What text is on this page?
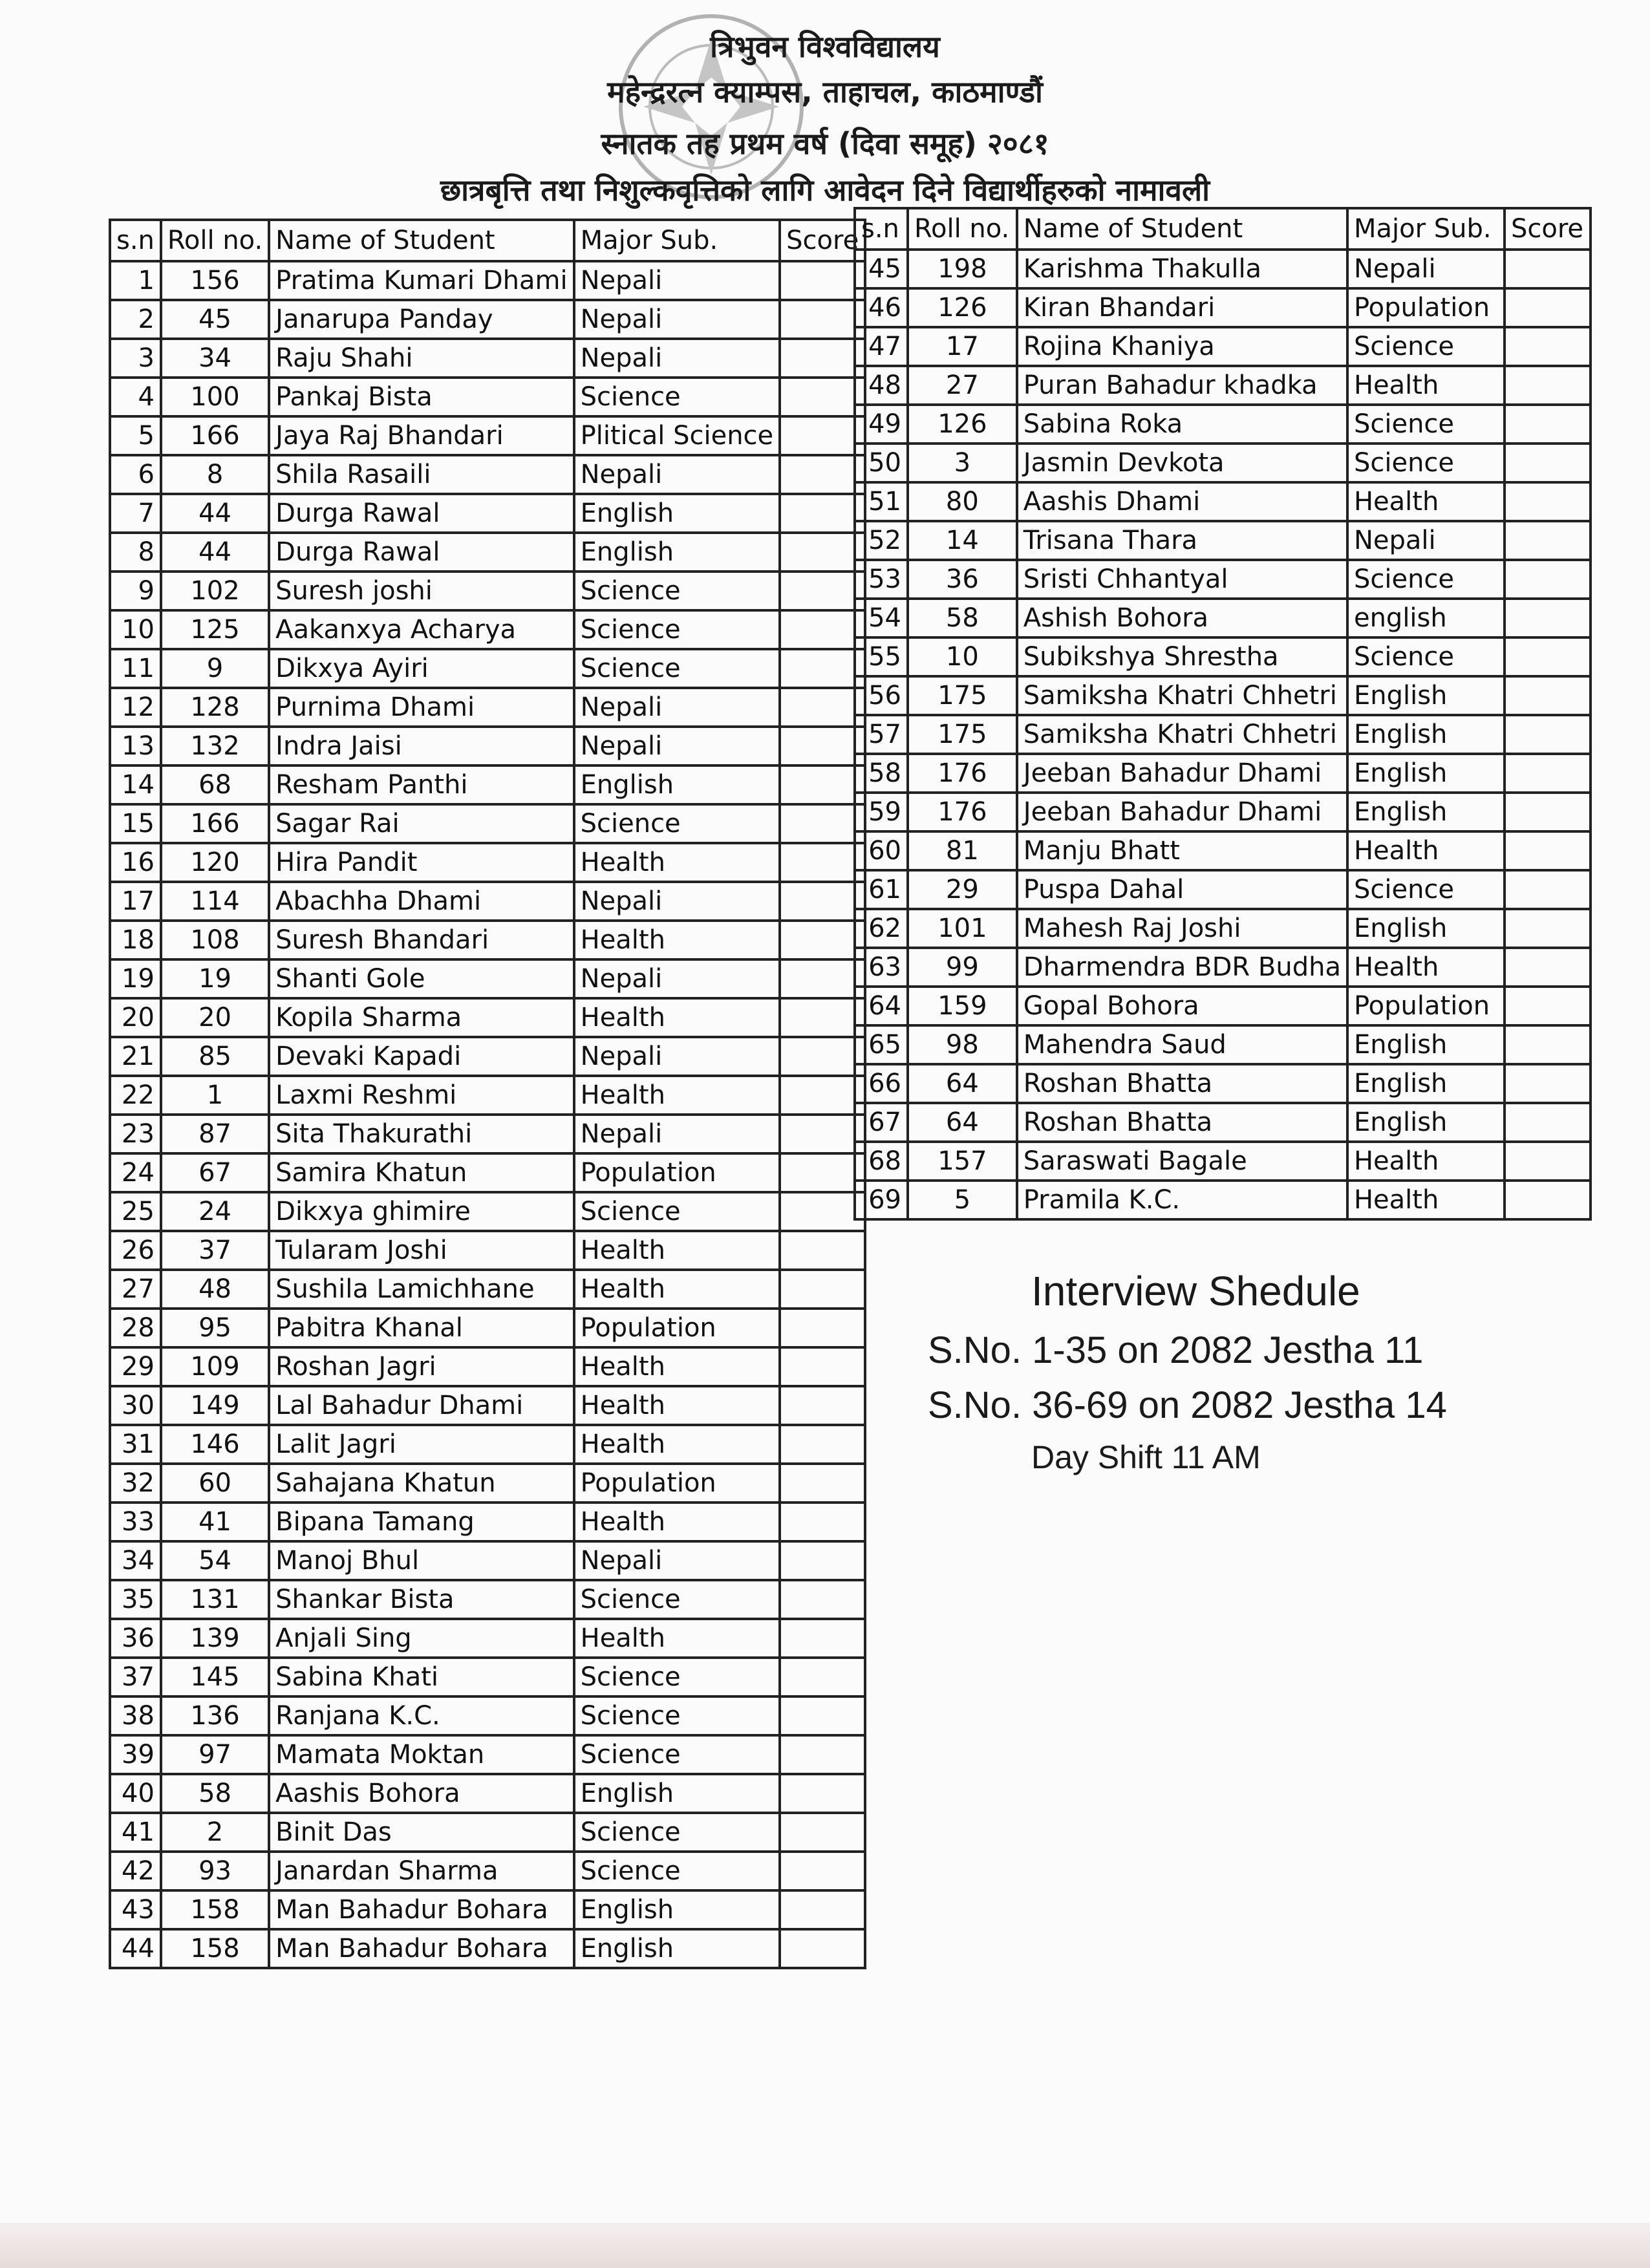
त्रिभुवन विश्वविद्यालय
महेन्द्ररत्न क्याम्पस, ताहाचल, काठमाण्डौं
स्नातक तह प्रथम वर्ष (दिवा समूह) २०८१
छात्रबृत्ति तथा निशुल्कवृत्तिको लागि आवेदन दिने विद्यार्थीहरुको नामावली
s.n	Roll no.	Name of Student	Major Sub.	Score
1	156	Pratima Kumari Dhami	Nepali	
2	45	Janarupa Panday	Nepali	
3	34	Raju Shahi	Nepali	
4	100	Pankaj Bista	Science	
5	166	Jaya Raj Bhandari	Plitical Science	
6	8	Shila Rasaili	Nepali	
7	44	Durga Rawal	English	
8	44	Durga Rawal	English	
9	102	Suresh joshi	Science	
10	125	Aakanxya Acharya	Science	
11	9	Dikxya Ayiri	Science	
12	128	Purnima Dhami	Nepali	
13	132	Indra Jaisi	Nepali	
14	68	Resham Panthi	English	
15	166	Sagar Rai	Science	
16	120	Hira Pandit	Health	
17	114	Abachha Dhami	Nepali	
18	108	Suresh Bhandari	Health	
19	19	Shanti Gole	Nepali	
20	20	Kopila Sharma	Health	
21	85	Devaki Kapadi	Nepali	
22	1	Laxmi Reshmi	Health	
23	87	Sita Thakurathi	Nepali	
24	67	Samira Khatun	Population	
25	24	Dikxya ghimire	Science	
26	37	Tularam Joshi	Health	
27	48	Sushila Lamichhane	Health	
28	95	Pabitra Khanal	Population	
29	109	Roshan Jagri	Health	
30	149	Lal Bahadur Dhami	Health	
31	146	Lalit Jagri	Health	
32	60	Sahajana Khatun	Population	
33	41	Bipana Tamang	Health	
34	54	Manoj Bhul	Nepali	
35	131	Shankar Bista	Science	
36	139	Anjali Sing	Health	
37	145	Sabina Khati	Science	
38	136	Ranjana K.C.	Science	
39	97	Mamata Moktan	Science	
40	58	Aashis Bohora	English	
41	2	Binit Das	Science	
42	93	Janardan Sharma	Science	
43	158	Man Bahadur Bohara	English	
44	158	Man Bahadur Bohara	English	
s.n	Roll no.	Name of Student	Major Sub.	Score
45	198	Karishma Thakulla	Nepali	
46	126	Kiran Bhandari	Population	
47	17	Rojina Khaniya	Science	
48	27	Puran Bahadur khadka	Health	
49	126	Sabina Roka	Science	
50	3	Jasmin Devkota	Science	
51	80	Aashis Dhami	Health	
52	14	Trisana Thara	Nepali	
53	36	Sristi Chhantyal	Science	
54	58	Ashish Bohora	english	
55	10	Subikshya Shrestha	Science	
56	175	Samiksha Khatri Chhetri	English	
57	175	Samiksha Khatri Chhetri	English	
58	176	Jeeban Bahadur Dhami	English	
59	176	Jeeban Bahadur Dhami	English	
60	81	Manju Bhatt	Health	
61	29	Puspa Dahal	Science	
62	101	Mahesh Raj Joshi	English	
63	99	Dharmendra BDR Budha	Health	
64	159	Gopal Bohora	Population	
65	98	Mahendra Saud	English	
66	64	Roshan Bhatta	English	
67	64	Roshan Bhatta	English	
68	157	Saraswati Bagale	Health	
69	5	Pramila K.C.	Health	
Interview Shedule
S.No. 1-35 on 2082 Jestha 11
S.No. 36-69 on 2082 Jestha 14
Day Shift 11 AM
